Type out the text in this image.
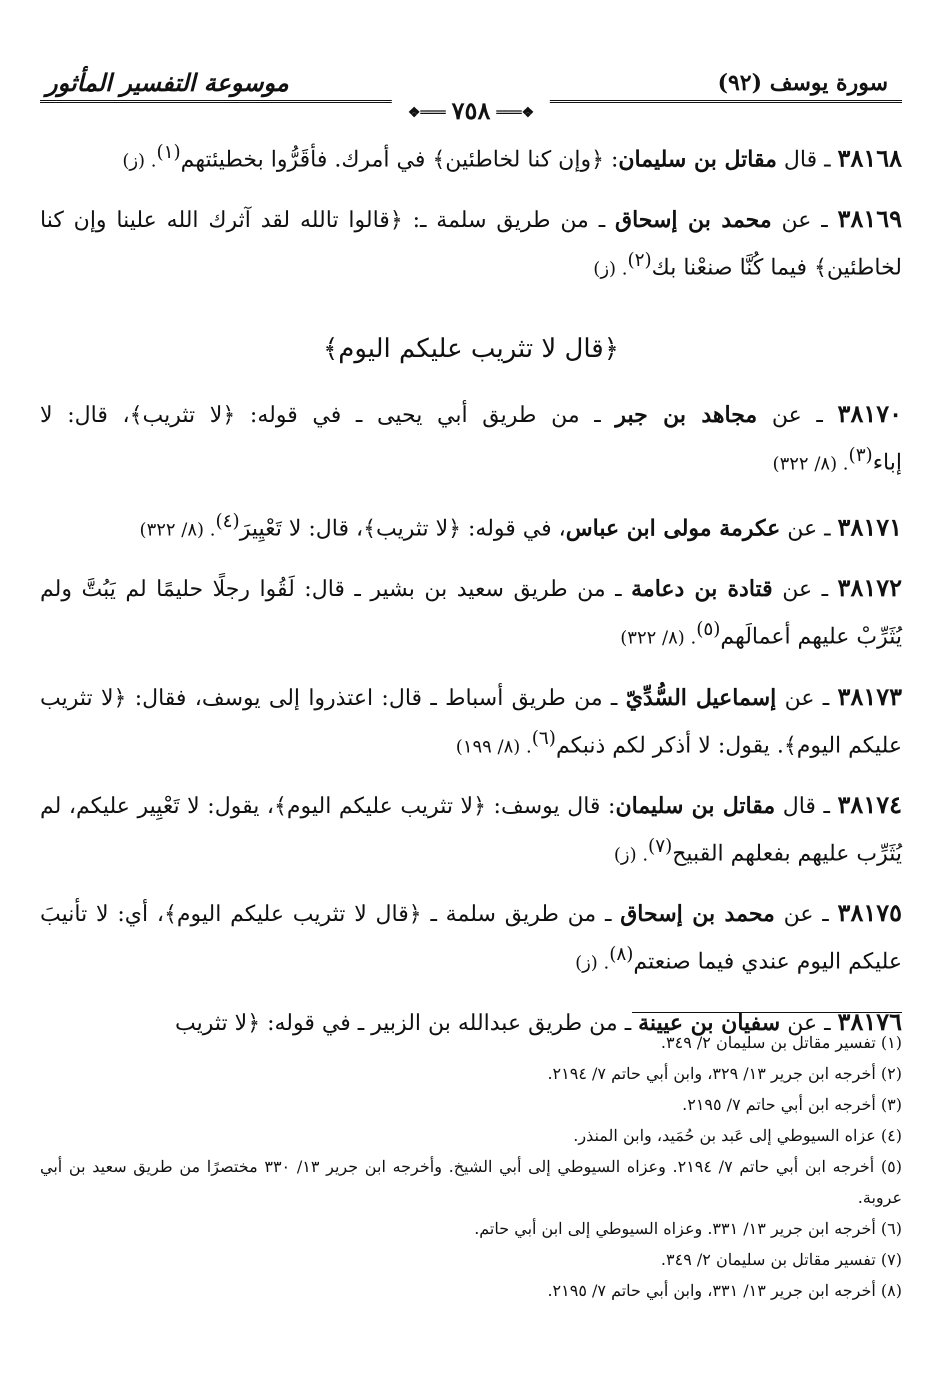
سورة يوسف (٩٢)
موسوعة التفسير المأثور
❖═══٧٥٨═══❖

٣٨١٦٨ ـ قال مقاتل بن سليمان: ﴿وإن كنا لخاطئين﴾ في أمرك. فأقَرُّوا بخطيئتهم$^{(١)}$. (ز)

٣٨١٦٩ ـ عن محمد بن إسحاق ـ من طريق سلمة ـ: ﴿قالوا تالله لقد آثرك الله علينا وإن كنا لخاطئين﴾ فيما كُنَّا صنعْنا بك$^{(٢)}$. (ز)

﴿قال لا تثريب عليكم اليوم﴾

٣٨١٧٠ ـ عن مجاهد بن جبر ـ من طريق أبي يحيى ـ في قوله: ﴿لا تثريب﴾، قال: لا إباء$^{(٣)}$. (٨/ ٣٢٢)

٣٨١٧١ ـ عن عكرمة مولى ابن عباس، في قوله: ﴿لا تثريب﴾، قال: لا تَعْيِيرَ$^{(٤)}$. (٨/ ٣٢٢)

٣٨١٧٢ ـ عن قتادة بن دعامة ـ من طريق سعيد بن بشير ـ قال: لَقُوا رجلًا حليمًا لم يَبُتَّ ولم يُثَرِّبْ عليهم أعمالَهم$^{(٥)}$. (٨/ ٣٢٢)

٣٨١٧٣ ـ عن إسماعيل السُّدِّيّ ـ من طريق أسباط ـ قال: اعتذروا إلى يوسف، فقال: ﴿لا تثريب عليكم اليوم﴾. يقول: لا أذكر لكم ذنبكم$^{(٦)}$. (٨/ ١٩٩)

٣٨١٧٤ ـ قال مقاتل بن سليمان: قال يوسف: ﴿لا تثريب عليكم اليوم﴾، يقول: لا تَعْيِير عليكم، لم يُثَرِّب عليهم بفعلهم القبيح$^{(٧)}$. (ز)

٣٨١٧٥ ـ عن محمد بن إسحاق ـ من طريق سلمة ـ ﴿قال لا تثريب عليكم اليوم﴾، أي: لا تأنيبَ عليكم اليوم عندي فيما صنعتم$^{(٨)}$. (ز)

٣٨١٧٦ ـ عن سفيان بن عيينة ـ من طريق عبدالله بن الزبير ـ في قوله: ﴿لا تثريب

(١) تفسير مقاتل بن سليمان ٢/ ٣٤٩.
(٢) أخرجه ابن جرير ١٣/ ٣٢٩، وابن أبي حاتم ٧/ ٢١٩٤.
(٣) أخرجه ابن أبي حاتم ٧/ ٢١٩٥.
(٤) عزاه السيوطي إلى عَبد بن حُمَيد، وابن المنذر.
(٥) أخرجه ابن أبي حاتم ٧/ ٢١٩٤. وعزاه السيوطي إلى أبي الشيخ. وأخرجه ابن جرير ١٣/ ٣٣٠ مختصرًا من طريق سعيد بن أبي عروبة.
(٦) أخرجه ابن جرير ١٣/ ٣٣١. وعزاه السيوطي إلى ابن أبي حاتم.
(٧) تفسير مقاتل بن سليمان ٢/ ٣٤٩.
(٨) أخرجه ابن جرير ١٣/ ٣٣١، وابن أبي حاتم ٧/ ٢١٩٥.
